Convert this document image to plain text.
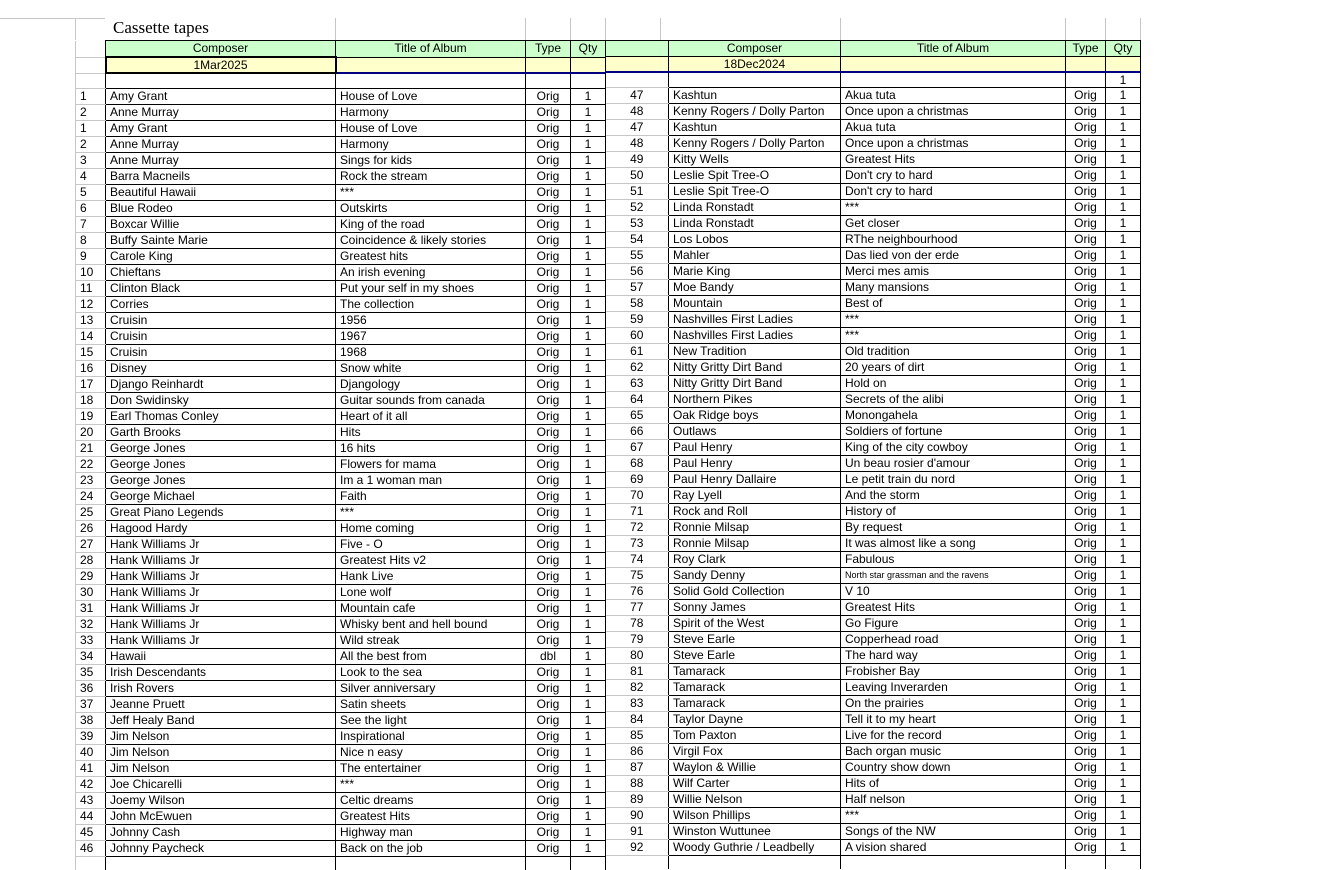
Cassette tapes
	Composer	Title of Album	Type	Qty
	1Mar2025			

1	Amy Grant	House of Love	Orig	1
2	Anne Murray	Harmony	Orig	1
1	Amy Grant	House of Love	Orig	1
2	Anne Murray	Harmony	Orig	1
3	Anne Murray	Sings for kids	Orig	1
4	Barra Macneils	Rock the stream	Orig	1
5	Beautiful Hawaii	***	Orig	1
6	Blue Rodeo	Outskirts	Orig	1
7	Boxcar Willie	King of the road	Orig	1
8	Buffy Sainte Marie	Coincidence & likely stories	Orig	1
9	Carole King	Greatest hits	Orig	1
10	Chieftans	An irish evening	Orig	1
11	Clinton Black	Put your self in my shoes	Orig	1
12	Corries	The collection	Orig	1
13	Cruisin	1956	Orig	1
14	Cruisin	1967	Orig	1
15	Cruisin	1968	Orig	1
16	Disney	Snow white	Orig	1
17	Django Reinhardt	Djangology	Orig	1
18	Don Swidinsky	Guitar sounds from canada	Orig	1
19	Earl Thomas Conley	Heart of it all	Orig	1
20	Garth Brooks	Hits	Orig	1
21	George Jones	16 hits	Orig	1
22	George Jones	Flowers for mama	Orig	1
23	George Jones	Im a 1 woman man	Orig	1
24	George Michael	Faith	Orig	1
25	Great Piano Legends	***	Orig	1
26	Hagood Hardy	Home coming	Orig	1
27	Hank Williams Jr	Five - O	Orig	1
28	Hank Williams Jr	Greatest Hits v2	Orig	1
29	Hank Williams Jr	Hank Live	Orig	1
30	Hank Williams Jr	Lone wolf	Orig	1
31	Hank Williams Jr	Mountain cafe	Orig	1
32	Hank Williams Jr	Whisky bent and hell bound	Orig	1
33	Hank Williams Jr	Wild streak	Orig	1
34	Hawaii	All the best from	dbl	1
35	Irish Descendants	Look to the sea	Orig	1
36	Irish Rovers	Silver anniversary	Orig	1
37	Jeanne Pruett	Satin sheets	Orig	1
38	Jeff Healy Band	See the light	Orig	1
39	Jim Nelson	Inspirational	Orig	1
40	Jim Nelson	Nice n easy	Orig	1
41	Jim Nelson	The entertainer	Orig	1
42	Joe Chicarelli	***	Orig	1
43	Joemy Wilson	Celtic dreams	Orig	1
44	John McEwuen	Greatest Hits	Orig	1
45	Johnny Cash	Highway man	Orig	1
46	Johnny Paycheck	Back on the job	Orig	1

	Composer	Title of Album	Type	Qty
	18Dec2024			
				1
47	Kashtun	Akua tuta	Orig	1
48	Kenny Rogers / Dolly Parton	Once upon a christmas	Orig	1
47	Kashtun	Akua tuta	Orig	1
48	Kenny Rogers / Dolly Parton	Once upon a christmas	Orig	1
49	Kitty Wells	Greatest Hits	Orig	1
50	Leslie Spit Tree-O	Don't cry to hard	Orig	1
51	Leslie Spit Tree-O	Don't cry to hard	Orig	1
52	Linda Ronstadt	***	Orig	1
53	Linda Ronstadt	Get closer	Orig	1
54	Los Lobos	RThe neighbourhood	Orig	1
55	Mahler	Das lied von der erde	Orig	1
56	Marie King	Merci mes amis	Orig	1
57	Moe Bandy	Many mansions	Orig	1
58	Mountain	Best of	Orig	1
59	Nashvilles First Ladies	***	Orig	1
60	Nashvilles First Ladies	***	Orig	1
61	New Tradition	Old tradition	Orig	1
62	Nitty Gritty Dirt Band	20 years of dirt	Orig	1
63	Nitty Gritty Dirt Band	Hold on	Orig	1
64	Northern Pikes	Secrets of the alibi	Orig	1
65	Oak Ridge boys	Monongahela	Orig	1
66	Outlaws	Soldiers of fortune	Orig	1
67	Paul Henry	King of the city cowboy	Orig	1
68	Paul Henry	Un beau rosier d'amour	Orig	1
69	Paul Henry Dallaire	Le petit train du nord	Orig	1
70	Ray Lyell	And the storm	Orig	1
71	Rock and Roll	History of	Orig	1
72	Ronnie Milsap	By request	Orig	1
73	Ronnie Milsap	It was almost like a song	Orig	1
74	Roy Clark	Fabulous	Orig	1
75	Sandy Denny	North star grassman and the ravens	Orig	1
76	Solid Gold Collection	V 10	Orig	1
77	Sonny James	Greatest Hits	Orig	1
78	Spirit of the West	Go Figure	Orig	1
79	Steve Earle	Copperhead road	Orig	1
80	Steve Earle	The hard way	Orig	1
81	Tamarack	Frobisher Bay	Orig	1
82	Tamarack	Leaving Inverarden	Orig	1
83	Tamarack	On the prairies	Orig	1
84	Taylor Dayne	Tell it to my heart	Orig	1
85	Tom Paxton	Live for the record	Orig	1
86	Virgil Fox	Bach organ music	Orig	1
87	Waylon & Willie	Country show down	Orig	1
88	Wilf Carter	Hits of	Orig	1
89	Willie Nelson	Half nelson	Orig	1
90	Wilson Phillips	***	Orig	1
91	Winston Wuttunee	Songs of the NW	Orig	1
92	Woody Guthrie / Leadbelly	A vision shared	Orig	1
